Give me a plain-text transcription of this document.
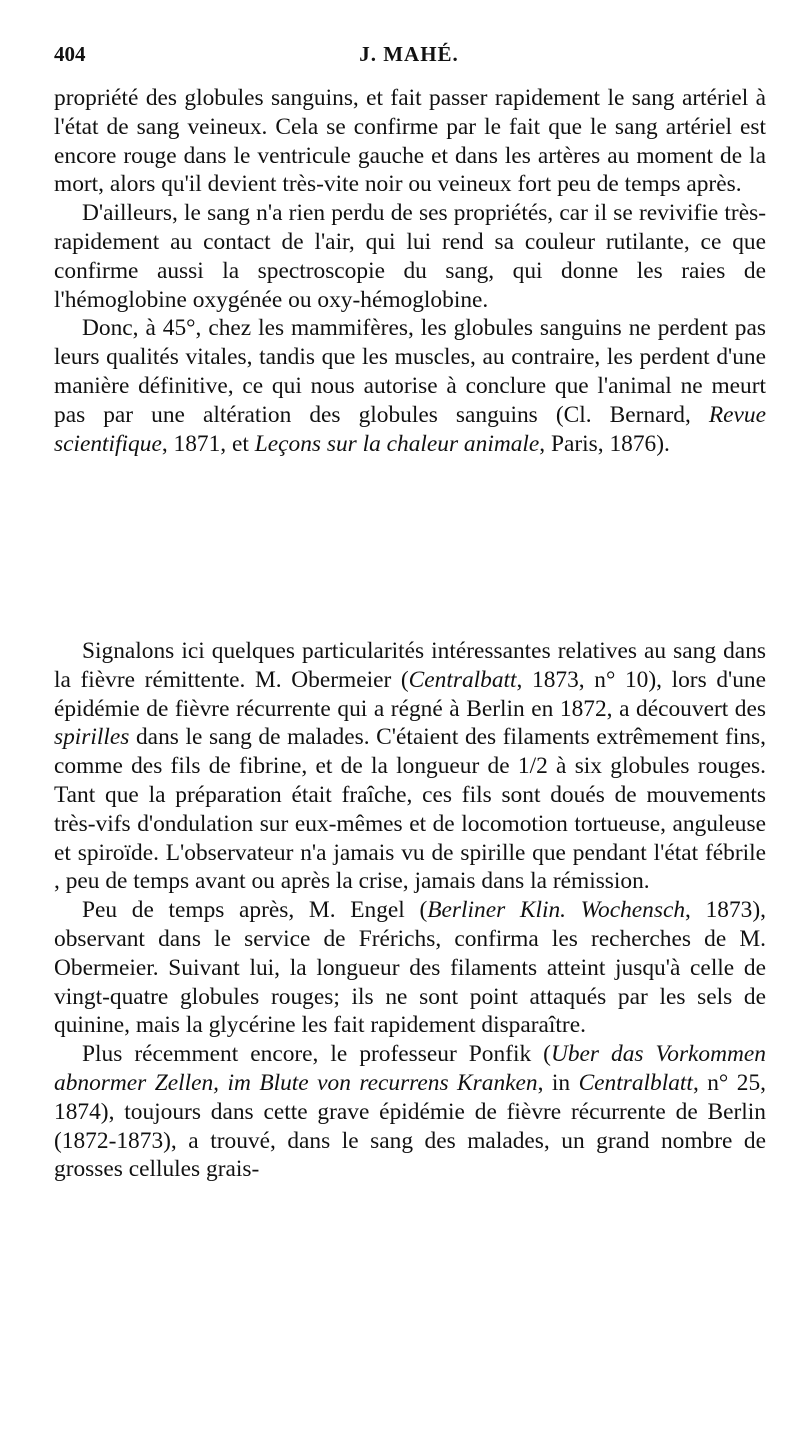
404	J. MAHÉ.

propriété des globules sanguins, et fait passer rapidement le sang artériel à l'état de sang veineux. Cela se confirme par le fait que le sang artériel est encore rouge dans le ventricule gauche et dans les artères au moment de la mort, alors qu'il devient très-vite noir ou veineux fort peu de temps après.

D'ailleurs, le sang n'a rien perdu de ses propriétés, car il se revivifie très-rapidement au contact de l'air, qui lui rend sa couleur rutilante, ce que confirme aussi la spectroscopie du sang, qui donne les raies de l'hémoglobine oxygénée ou oxy-hémoglobine.

Donc, à 45°, chez les mammifères, les globules sanguins ne perdent pas leurs qualités vitales, tandis que les muscles, au contraire, les perdent d'une manière définitive, ce qui nous autorise à conclure que l'animal ne meurt pas par une altération des globules sanguins (Cl. Bernard, Revue scientifique, 1871, et Leçons sur la chaleur animale, Paris, 1876).

Signalons ici quelques particularités intéressantes relatives au sang dans la fièvre rémittente. M. Obermeier (Centralbatt, 1873, n° 10), lors d'une épidémie de fièvre récurrente qui a régné à Berlin en 1872, a découvert des spirilles dans le sang de malades. C'étaient des filaments extrêmement fins, comme des fils de fibrine, et de la longueur de 1/2 à six globules rouges. Tant que la préparation était fraîche, ces fils sont doués de mouvements très-vifs d'ondulation sur eux-mêmes et de locomotion tortueuse, anguleuse et spiroïde. L'observateur n'a jamais vu de spirille que pendant l'état fébrile , peu de temps avant ou après la crise, jamais dans la rémission.

Peu de temps après, M. Engel (Berliner Klin. Wochensch, 1873), observant dans le service de Frérichs, confirma les recherches de M. Obermeier. Suivant lui, la longueur des filaments atteint jusqu'à celle de vingt-quatre globules rouges; ils ne sont point attaqués par les sels de quinine, mais la glycérine les fait rapidement disparaître.

Plus récemment encore, le professeur Ponfik (Uber das Vorkommen abnormer Zellen, im Blute von recurrens Kranken, in Centralblatt, n° 25, 1874), toujours dans cette grave épidémie de fièvre récurrente de Berlin (1872-1873), a trouvé, dans le sang des malades, un grand nombre de grosses cellules grais-
